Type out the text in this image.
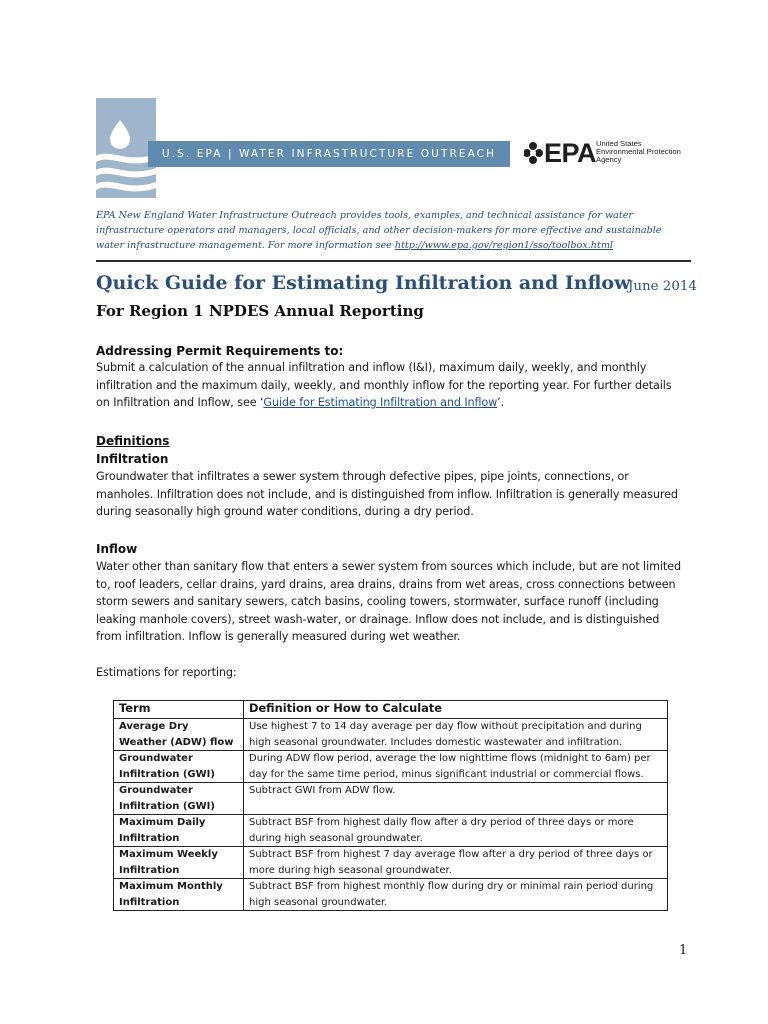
U.S. EPA | WATER INFRASTRUCTURE OUTREACH	EPA United States
Environmental Protection
Agency
EPA New England Water Infrastructure Outreach provides tools, examples, and technical assistance for water infrastructure operators and managers, local officials, and other decision-makers for more effective and sustainable water infrastructure management. For more information see http://www.epa.gov/region1/sso/toolbox.html
Quick Guide for Estimating Infiltration and Inflow
June 2014
For Region 1 NPDES Annual Reporting
Addressing Permit Requirements to:
Submit a calculation of the annual infiltration and inflow (I&I), maximum daily, weekly, and monthly infiltration and the maximum daily, weekly, and monthly inflow for the reporting year. For further details on Infiltration and Inflow, see ‘Guide for Estimating Infiltration and Inflow’.
Definitions
Infiltration
Groundwater that infiltrates a sewer system through defective pipes, pipe joints, connections, or manholes. Infiltration does not include, and is distinguished from inflow. Infiltration is generally measured during seasonally high ground water conditions, during a dry period.
Inflow
Water other than sanitary flow that enters a sewer system from sources which include, but are not limited to, roof leaders, cellar drains, yard drains, area drains, drains from wet areas, cross connections between storm sewers and sanitary sewers, catch basins, cooling towers, stormwater, surface runoff (including leaking manhole covers), street wash-water, or drainage. Inflow does not include, and is distinguished from infiltration. Inflow is generally measured during wet weather.
Estimations for reporting:
Term	Definition or How to Calculate
Average Dry Weather (ADW) flow	Use highest 7 to 14 day average per day flow without precipitation and during high seasonal groundwater. Includes domestic wastewater and infiltration.
Groundwater Infiltration (GWI)	During ADW flow period, average the low nighttime flows (midnight to 6am) per day for the same time period, minus significant industrial or commercial flows.
Groundwater Infiltration (GWI)	Subtract GWI from ADW flow.
Maximum Daily Infiltration	Subtract BSF from highest daily flow after a dry period of three days or more during high seasonal groundwater.
Maximum Weekly Infiltration	Subtract BSF from highest 7 day average flow after a dry period of three days or more during high seasonal groundwater.
Maximum Monthly Infiltration	Subtract BSF from highest monthly flow during dry or minimal rain period during high seasonal groundwater.
1
